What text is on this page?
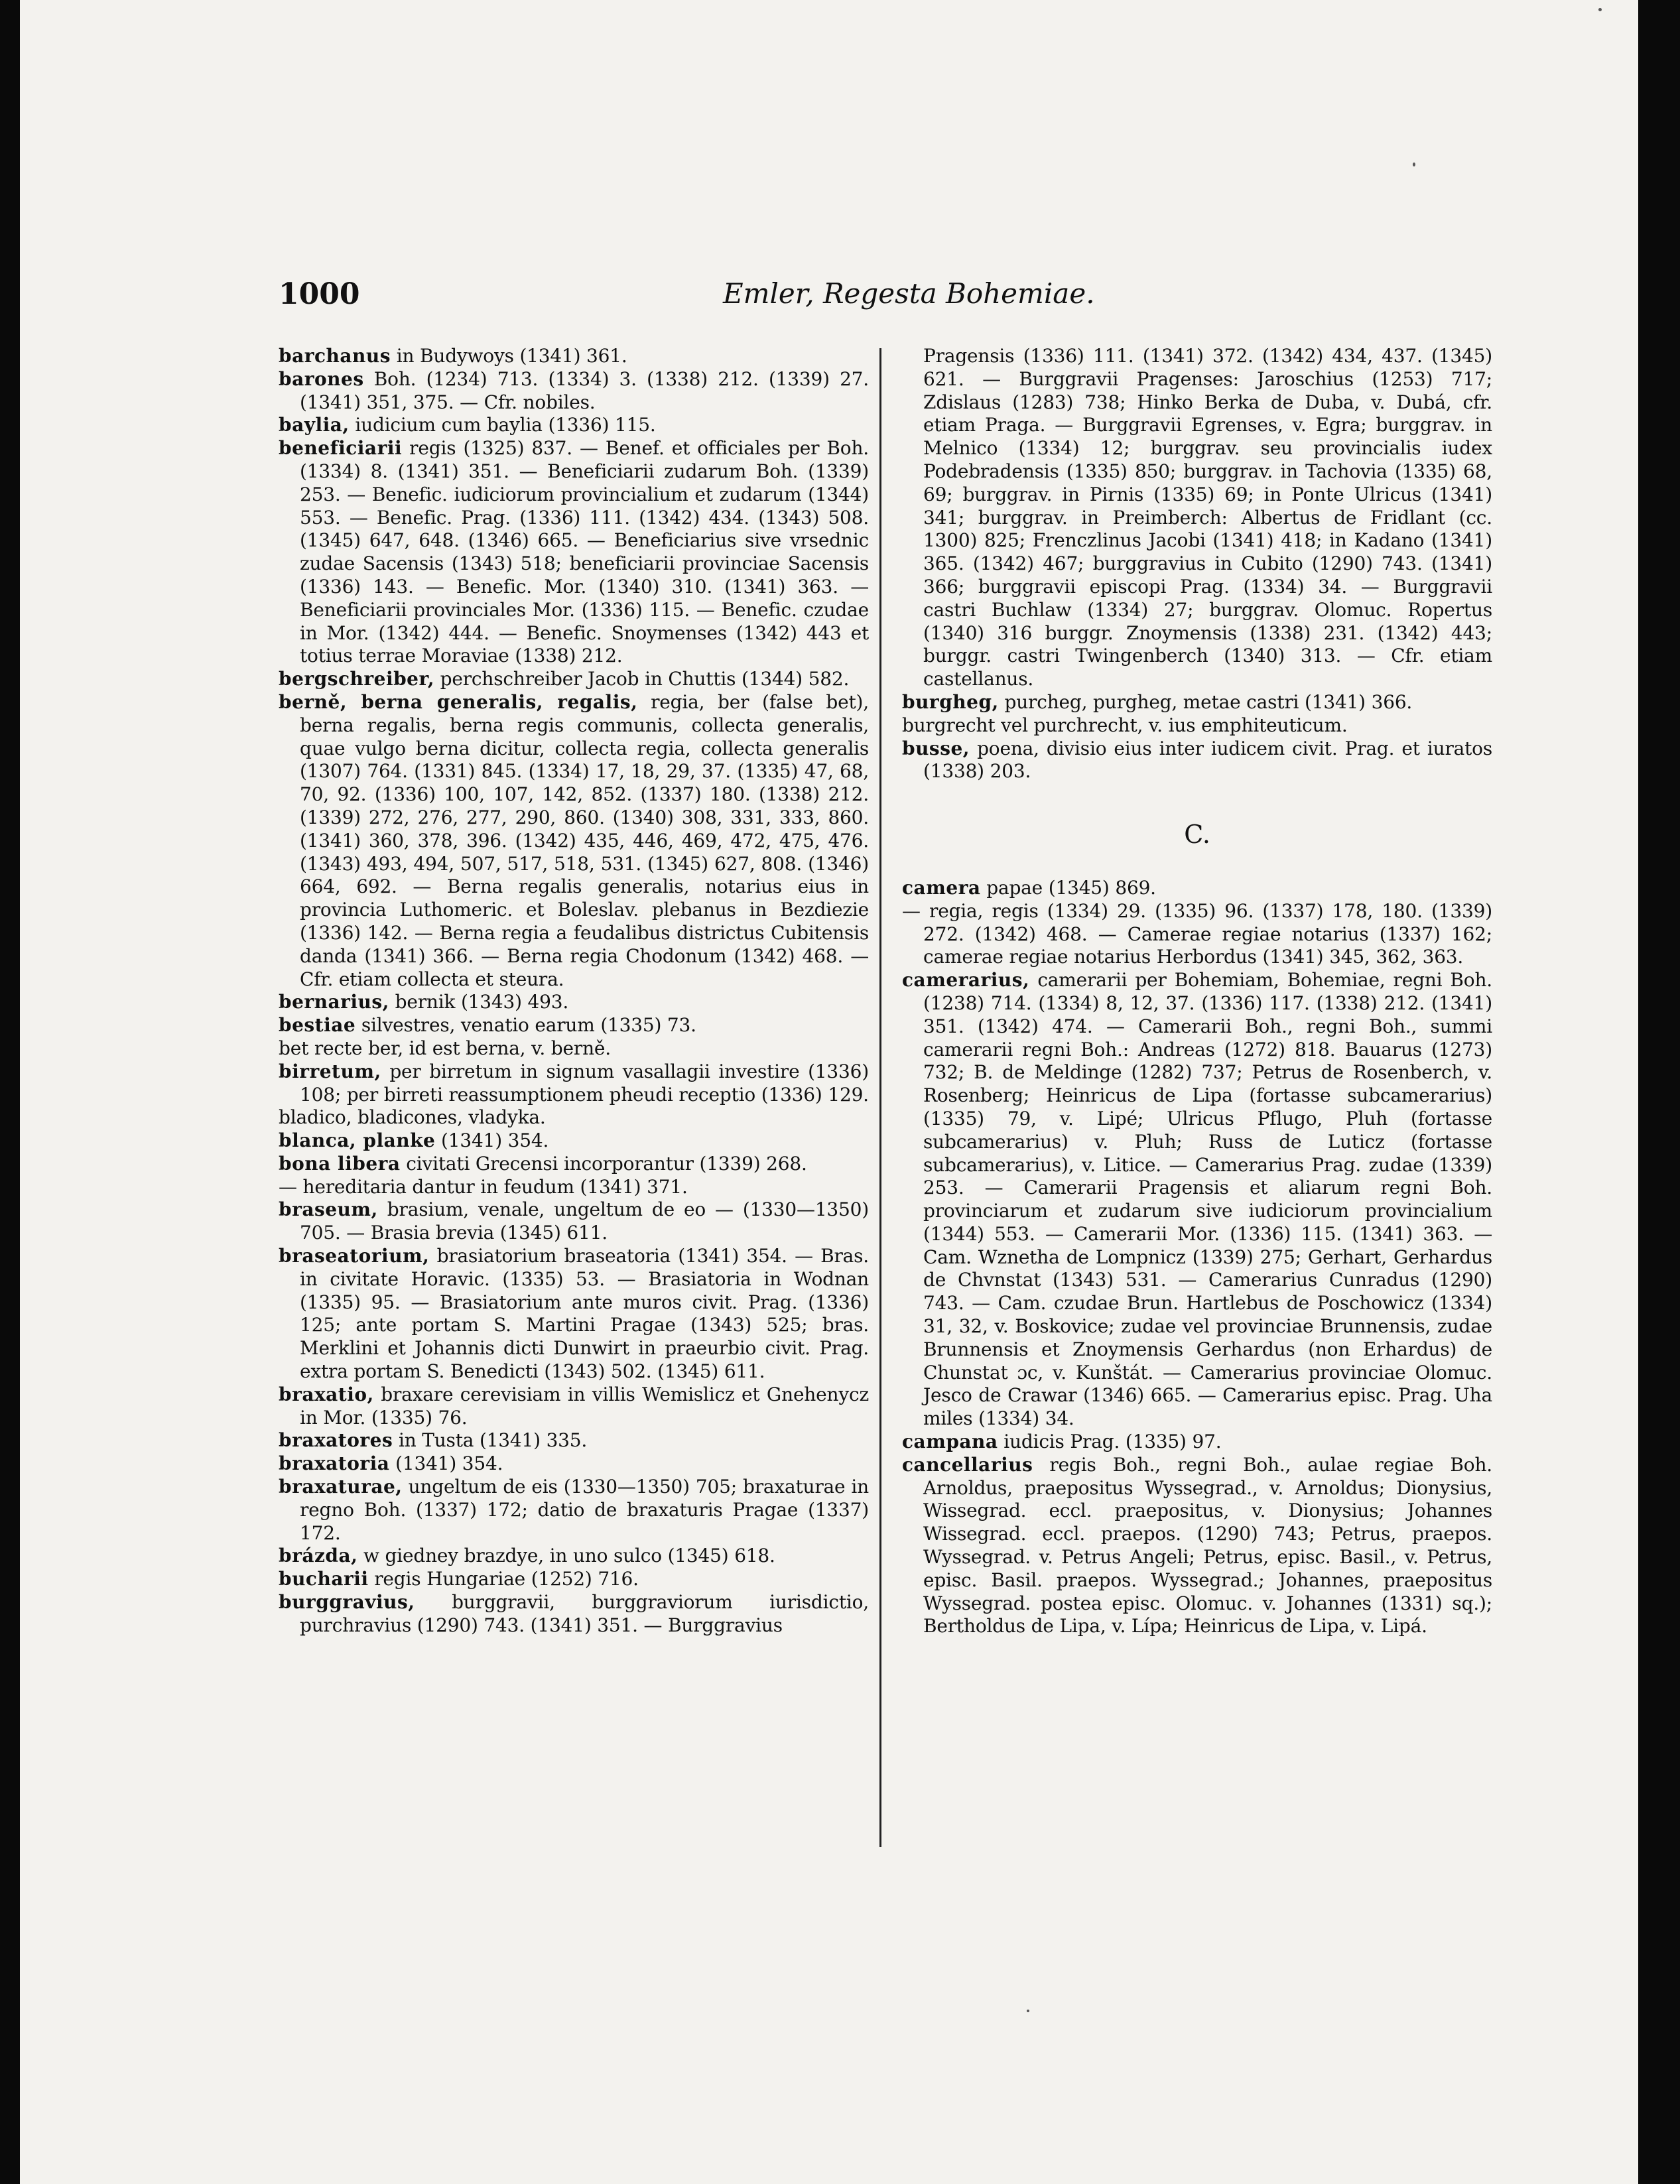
1000	Emler, Regesta Bohemiae.

barchanus in Budywoys (1341) 361.

barones Boh. (1234) 713. (1334) 3. (1338) 212. (1339) 27. (1341) 351, 375. — Cfr. nobiles.

baylia, iudicium cum baylia (1336) 115.

beneficiarii regis (1325) 837. — Benef. et officiales per Boh. (1334) 8. (1341) 351. — Beneficiarii zudarum Boh. (1339) 253. — Benefic. iudiciorum provincialium et zudarum (1344) 553. — Benefic. Prag. (1336) 111. (1342) 434. (1343) 508. (1345) 647, 648. (1346) 665. — Beneficiarius sive vrsednic zudae Sacensis (1343) 518; beneficiarii provinciae Sacensis (1336) 143. — Benefic. Mor. (1340) 310. (1341) 363. — Beneficiarii provinciales Mor. (1336) 115. — Benefic. czudae in Mor. (1342) 444. — Benefic. Snoymenses (1342) 443 et totius terrae Moraviae (1338) 212.

bergschreiber, perchschreiber Jacob in Chuttis (1344) 582.

berně, berna generalis, regalis, regia, ber (false bet), berna regalis, berna regis communis, collecta generalis, quae vulgo berna dicitur, collecta regia, collecta generalis (1307) 764. (1331) 845. (1334) 17, 18, 29, 37. (1335) 47, 68, 70, 92. (1336) 100, 107, 142, 852. (1337) 180. (1338) 212. (1339) 272, 276, 277, 290, 860. (1340) 308, 331, 333, 860. (1341) 360, 378, 396. (1342) 435, 446, 469, 472, 475, 476. (1343) 493, 494, 507, 517, 518, 531. (1345) 627, 808. (1346) 664, 692. — Berna regalis generalis, notarius eius in provincia Luthomeric. et Boleslav. plebanus in Bezdiezie (1336) 142. — Berna regia a feudalibus districtus Cubitensis danda (1341) 366. — Berna regia Chodonum (1342) 468. — Cfr. etiam collecta et steura.

bernarius, bernik (1343) 493.

bestiae silvestres, venatio earum (1335) 73.

bet recte ber, id est berna, v. berně.

birretum, per birretum in signum vasallagii investire (1336) 108; per birreti reassumptionem pheudi receptio (1336) 129.

bladico, bladicones, vladyka.

blanca, planke (1341) 354.

bona libera civitati Grecensi incorporantur (1339) 268.

— hereditaria dantur in feudum (1341) 371.

braseum, brasium, venale, ungeltum de eo — (1330—1350) 705. — Brasia brevia (1345) 611.

braseatorium, brasiatorium braseatoria (1341) 354. — Bras. in civitate Horavic. (1335) 53. — Brasiatoria in Wodnan (1335) 95. — Brasiatorium ante muros civit. Prag. (1336) 125; ante portam S. Martini Pragae (1343) 525; bras. Merklini et Johannis dicti Dunwirt in praeurbio civit. Prag. extra portam S. Benedicti (1343) 502. (1345) 611.

braxatio, braxare cerevisiam in villis Wemislicz et Gnehenycz in Mor. (1335) 76.

braxatores in Tusta (1341) 335.

braxatoria (1341) 354.

braxaturae, ungeltum de eis (1330—1350) 705; braxaturae in regno Boh. (1337) 172; datio de braxaturis Pragae (1337) 172.

brázda, w giedney brazdye, in uno sulco (1345) 618.

bucharii regis Hungariae (1252) 716.

burggravius, burggravii, burggraviorum iurisdictio, purchravius (1290) 743. (1341) 351. — Burggravius

Pragensis (1336) 111. (1341) 372. (1342) 434, 437. (1345) 621. — Burggravii Pragenses: Jaroschius (1253) 717; Zdislaus (1283) 738; Hinko Berka de Duba, v. Dubá, cfr. etiam Praga. — Burggravii Egrenses, v. Egra; burggrav. in Melnico (1334) 12; burggrav. seu provincialis iudex Podebradensis (1335) 850; burggrav. in Tachovia (1335) 68, 69; burggrav. in Pirnis (1335) 69; in Ponte Ulricus (1341) 341; burggrav. in Preimberch: Albertus de Fridlant (cc. 1300) 825; Frenczlinus Jacobi (1341) 418; in Kadano (1341) 365. (1342) 467; burggravius in Cubito (1290) 743. (1341) 366; burggravii episcopi Prag. (1334) 34. — Burggravii castri Buchlaw (1334) 27; burggrav. Olomuc. Ropertus (1340) 316 burggr. Znoymensis (1338) 231. (1342) 443; burggr. castri Twingenberch (1340) 313. — Cfr. etiam castellanus.

burgheg, purcheg, purgheg, metae castri (1341) 366.

burgrecht vel purchrecht, v. ius emphiteuticum.

busse, poena, divisio eius inter iudicem civit. Prag. et iuratos (1338) 203.

C.

camera papae (1345) 869.

— regia, regis (1334) 29. (1335) 96. (1337) 178, 180. (1339) 272. (1342) 468. — Camerae regiae notarius (1337) 162; camerae regiae notarius Herbordus (1341) 345, 362, 363.

camerarius, camerarii per Bohemiam, Bohemiae, regni Boh. (1238) 714. (1334) 8, 12, 37. (1336) 117. (1338) 212. (1341) 351. (1342) 474. — Camerarii Boh., regni Boh., summi camerarii regni Boh.: Andreas (1272) 818. Bauarus (1273) 732; B. de Meldinge (1282) 737; Petrus de Rosenberch, v. Rosenberg; Heinricus de Lipa (fortasse subcamerarius) (1335) 79, v. Lipé; Ulricus Pflugo, Pluh (fortasse subcamerarius) v. Pluh; Russ de Luticz (fortasse subcamerarius), v. Litice. — Camerarius Prag. zudae (1339) 253. — Camerarii Pragensis et aliarum regni Boh. provinciarum et zudarum sive iudiciorum provincialium (1344) 553. — Camerarii Mor. (1336) 115. (1341) 363. — Cam. Wznetha de Lompnicz (1339) 275; Gerhart, Gerhardus de Chvnstat (1343) 531. — Camerarius Cunradus (1290) 743. — Cam. czudae Brun. Hartlebus de Poschowicz (1334) 31, 32, v. Boskovice; zudae vel provinciae Brunnensis, zudae Brunnensis et Znoymensis Gerhardus (non Erhardus) de Chunstat ɔc, v. Kunštát. — Camerarius provinciae Olomuc. Jesco de Crawar (1346) 665. — Camerarius episc. Prag. Uha miles (1334) 34.

campana iudicis Prag. (1335) 97.

cancellarius regis Boh., regni Boh., aulae regiae Boh. Arnoldus, praepositus Wyssegrad., v. Arnoldus; Dionysius, Wissegrad. eccl. praepositus, v. Dionysius; Johannes Wissegrad. eccl. praepos. (1290) 743; Petrus, praepos. Wyssegrad. v. Petrus Angeli; Petrus, episc. Basil., v. Petrus, episc. Basil. praepos. Wyssegrad.; Johannes, praepositus Wyssegrad. postea episc. Olomuc. v. Johannes (1331) sq.); Bertholdus de Lipa, v. Lípa; Heinricus de Lipa, v. Lipá.
